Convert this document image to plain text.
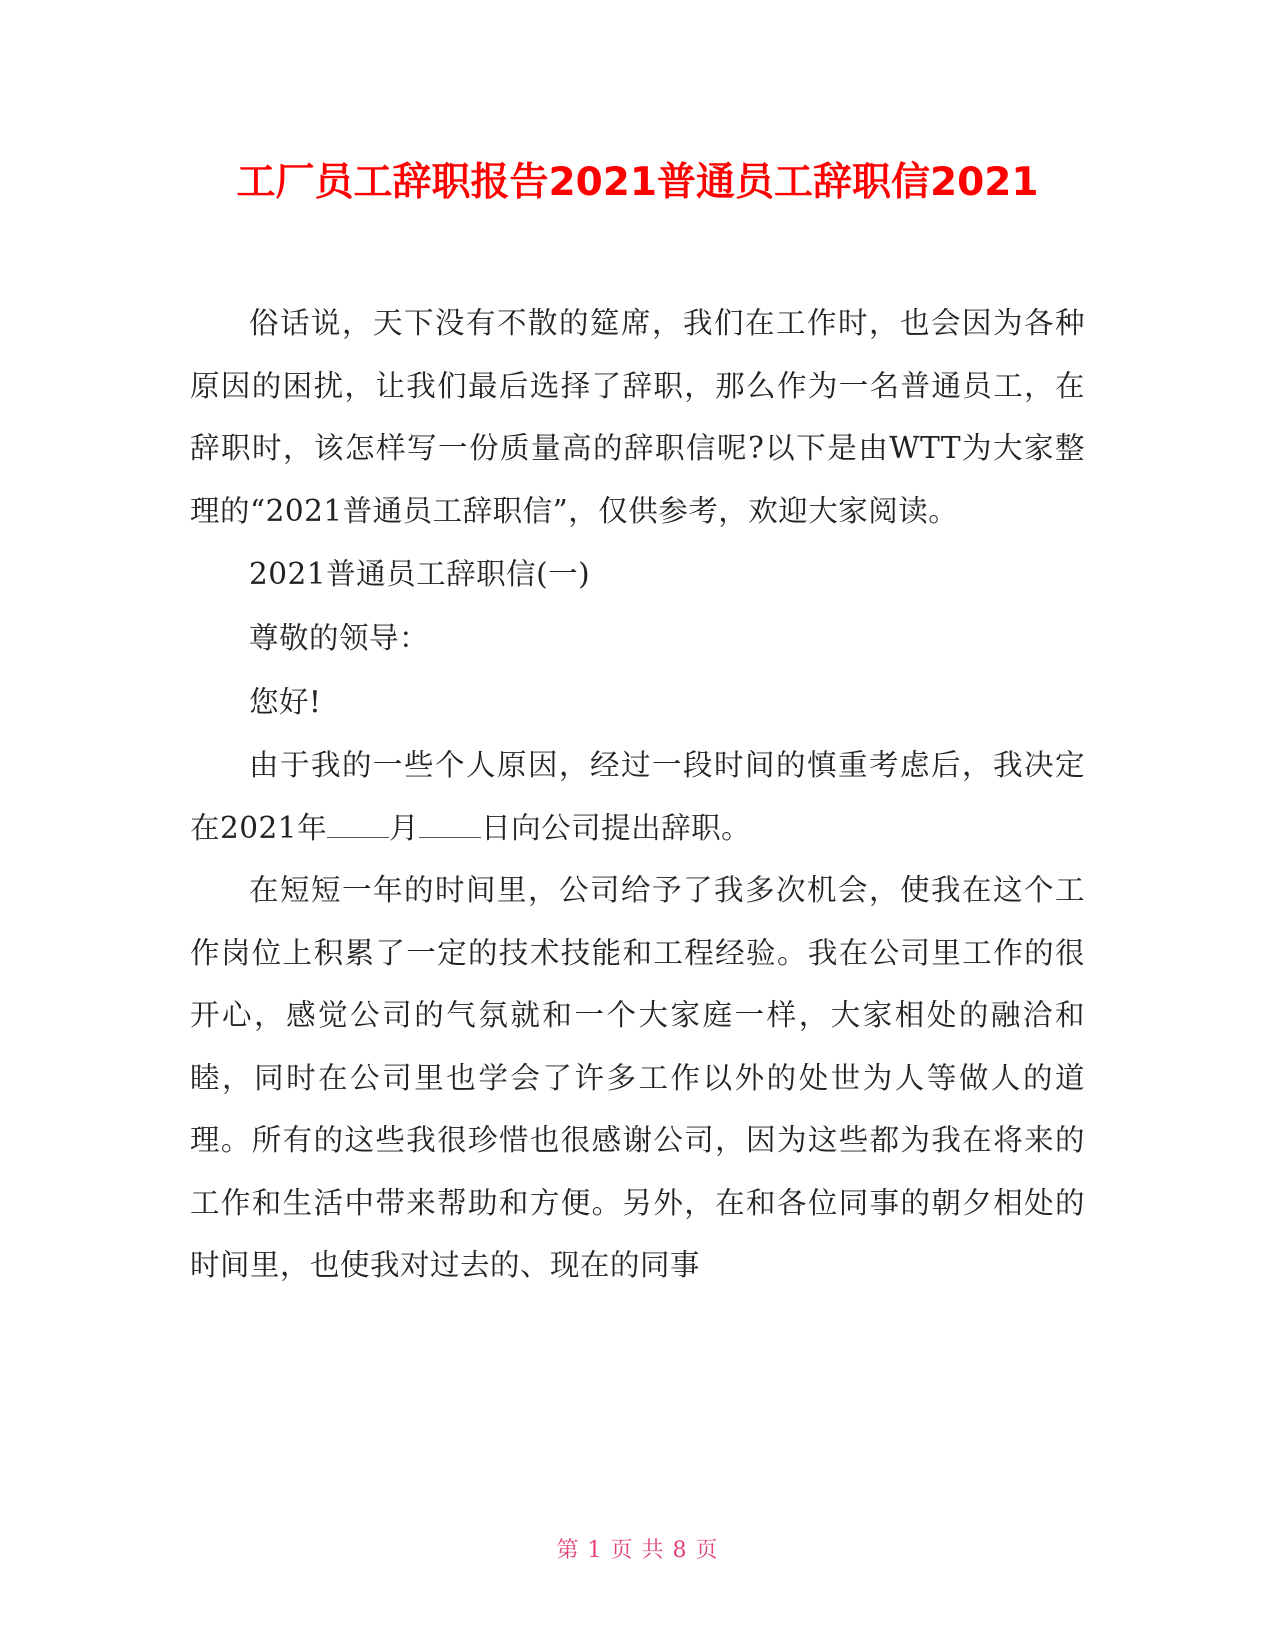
工厂员工辞职报告2021普通员工辞职信2021

俗话说，天下没有不散的筵席，我们在工作时，也会因为各种原因的困扰，让我们最后选择了辞职，那么作为一名普通员工，在辞职时，该怎样写一份质量高的辞职信呢?以下是由WTT为大家整理的“2021普通员工辞职信”，仅供参考，欢迎大家阅读。

2021普通员工辞职信(一)

尊敬的领导：

您好!

由于我的一些个人原因，经过一段时间的慎重考虑后，我决定在2021年 月 日向公司提出辞职。

在短短一年的时间里，公司给予了我多次机会，使我在这个工作岗位上积累了一定的技术技能和工程经验。我在公司里工作的很开心，感觉公司的气氛就和一个大家庭一样，大家相处的融洽和睦，同时在公司里也学会了许多工作以外的处世为人等做人的道理。所有的这些我很珍惜也很感谢公司，因为这些都为我在将来的工作和生活中带来帮助和方便。另外，在和各位同事的朝夕相处的时间里，也使我对过去的、现在的同事

第 1 页 共 8 页
